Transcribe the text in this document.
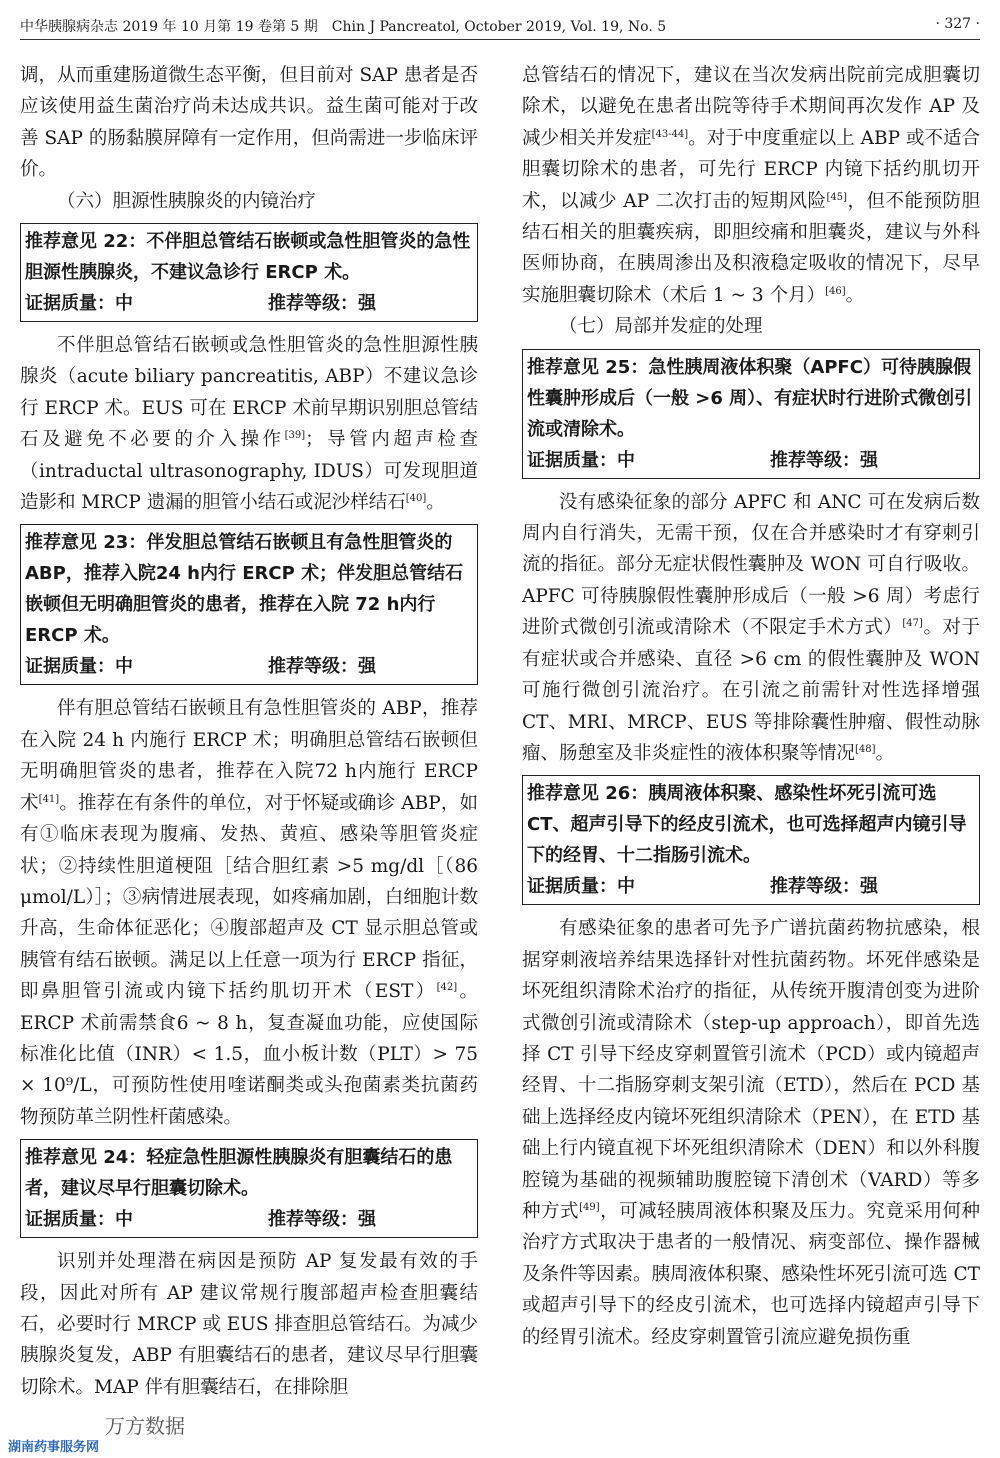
中华胰腺病杂志 2019 年 10 月第 19 卷第 5 期　Chin J Pancreatol, October 2019, Vol. 19, No. 5	· 327 ·

调，从而重建肠道微生态平衡，但目前对 SAP 患者是否应该使用益生菌治疗尚未达成共识。益生菌可能对于改善 SAP 的肠黏膜屏障有一定作用，但尚需进一步临床评价。

（六）胆源性胰腺炎的内镜治疗

推荐意见 22：不伴胆总管结石嵌顿或急性胆管炎的急性胆源性胰腺炎，不建议急诊行 ERCP 术。
证据质量：中	推荐等级：强

不伴胆总管结石嵌顿或急性胆管炎的急性胆源性胰腺炎（acute biliary pancreatitis, ABP）不建议急诊行 ERCP 术。EUS 可在 ERCP 术前早期识别胆总管结石及避免不必要的介入操作[39]；导管内超声检查（intraductal ultrasonography, IDUS）可发现胆道造影和 MRCP 遗漏的胆管小结石或泥沙样结石[40]。

推荐意见 23：伴发胆总管结石嵌顿且有急性胆管炎的 ABP，推荐入院24 h内行 ERCP 术；伴发胆总管结石嵌顿但无明确胆管炎的患者，推荐在入院 72 h内行 ERCP 术。
证据质量：中	推荐等级：强

伴有胆总管结石嵌顿且有急性胆管炎的 ABP，推荐在入院 24 h 内施行 ERCP 术；明确胆总管结石嵌顿但无明确胆管炎的患者，推荐在入院72 h内施行 ERCP 术[41]。推荐在有条件的单位，对于怀疑或确诊 ABP，如有①临床表现为腹痛、发热、黄疸、感染等胆管炎症状；②持续性胆道梗阻［结合胆红素 >5 mg/dl［（86 μmol/L）］；③病情进展表现，如疼痛加剧，白细胞计数升高，生命体征恶化；④腹部超声及 CT 显示胆总管或胰管有结石嵌顿。满足以上任意一项为行 ERCP 指征，即鼻胆管引流或内镜下括约肌切开术（EST）[42]。ERCP 术前需禁食6 ~ 8 h，复查凝血功能，应使国际标准化比值（INR）< 1.5，血小板计数（PLT）> 75 × 10⁹/L，可预防性使用喹诺酮类或头孢菌素类抗菌药物预防革兰阴性杆菌感染。

推荐意见 24：轻症急性胆源性胰腺炎有胆囊结石的患者，建议尽早行胆囊切除术。
证据质量：中	推荐等级：强

识别并处理潜在病因是预防 AP 复发最有效的手段，因此对所有 AP 建议常规行腹部超声检查胆囊结石，必要时行 MRCP 或 EUS 排查胆总管结石。为减少胰腺炎复发，ABP 有胆囊结石的患者，建议尽早行胆囊切除术。MAP 伴有胆囊结石，在排除胆

总管结石的情况下，建议在当次发病出院前完成胆囊切除术，以避免在患者出院等待手术期间再次发作 AP 及减少相关并发症[43-44]。对于中度重症以上 ABP 或不适合胆囊切除术的患者，可先行 ERCP 内镜下括约肌切开术，以减少 AP 二次打击的短期风险[45]，但不能预防胆结石相关的胆囊疾病，即胆绞痛和胆囊炎，建议与外科医师协商，在胰周渗出及积液稳定吸收的情况下，尽早实施胆囊切除术（术后 1 ~ 3 个月）[46]。

（七）局部并发症的处理

推荐意见 25：急性胰周液体积聚（APFC）可待胰腺假性囊肿形成后（一般 >6 周）、有症状时行进阶式微创引流或清除术。
证据质量：中	推荐等级：强

没有感染征象的部分 APFC 和 ANC 可在发病后数周内自行消失，无需干预，仅在合并感染时才有穿刺引流的指征。部分无症状假性囊肿及 WON 可自行吸收。APFC 可待胰腺假性囊肿形成后（一般 >6 周）考虑行进阶式微创引流或清除术（不限定手术方式）[47]。对于有症状或合并感染、直径 >6 cm 的假性囊肿及 WON 可施行微创引流治疗。在引流之前需针对性选择增强 CT、MRI、MRCP、EUS 等排除囊性肿瘤、假性动脉瘤、肠憩室及非炎症性的液体积聚等情况[48]。

推荐意见 26：胰周液体积聚、感染性坏死引流可选 CT、超声引导下的经皮引流术，也可选择超声内镜引导下的经胃、十二指肠引流术。
证据质量：中	推荐等级：强

有感染征象的患者可先予广谱抗菌药物抗感染，根据穿刺液培养结果选择针对性抗菌药物。坏死伴感染是坏死组织清除术治疗的指征，从传统开腹清创变为进阶式微创引流或清除术（step-up approach），即首先选择 CT 引导下经皮穿刺置管引流术（PCD）或内镜超声经胃、十二指肠穿刺支架引流（ETD），然后在 PCD 基础上选择经皮内镜坏死组织清除术（PEN），在 ETD 基础上行内镜直视下坏死组织清除术（DEN）和以外科腹腔镜为基础的视频辅助腹腔镜下清创术（VARD）等多种方式[49]，可减轻胰周液体积聚及压力。究竟采用何种治疗方式取决于患者的一般情况、病变部位、操作器械及条件等因素。胰周液体积聚、感染性坏死引流可选 CT 或超声引导下的经皮引流术，也可选择内镜超声引导下的经胃引流术。经皮穿刺置管引流应避免损伤重

万方数据
湖南药事服务网
